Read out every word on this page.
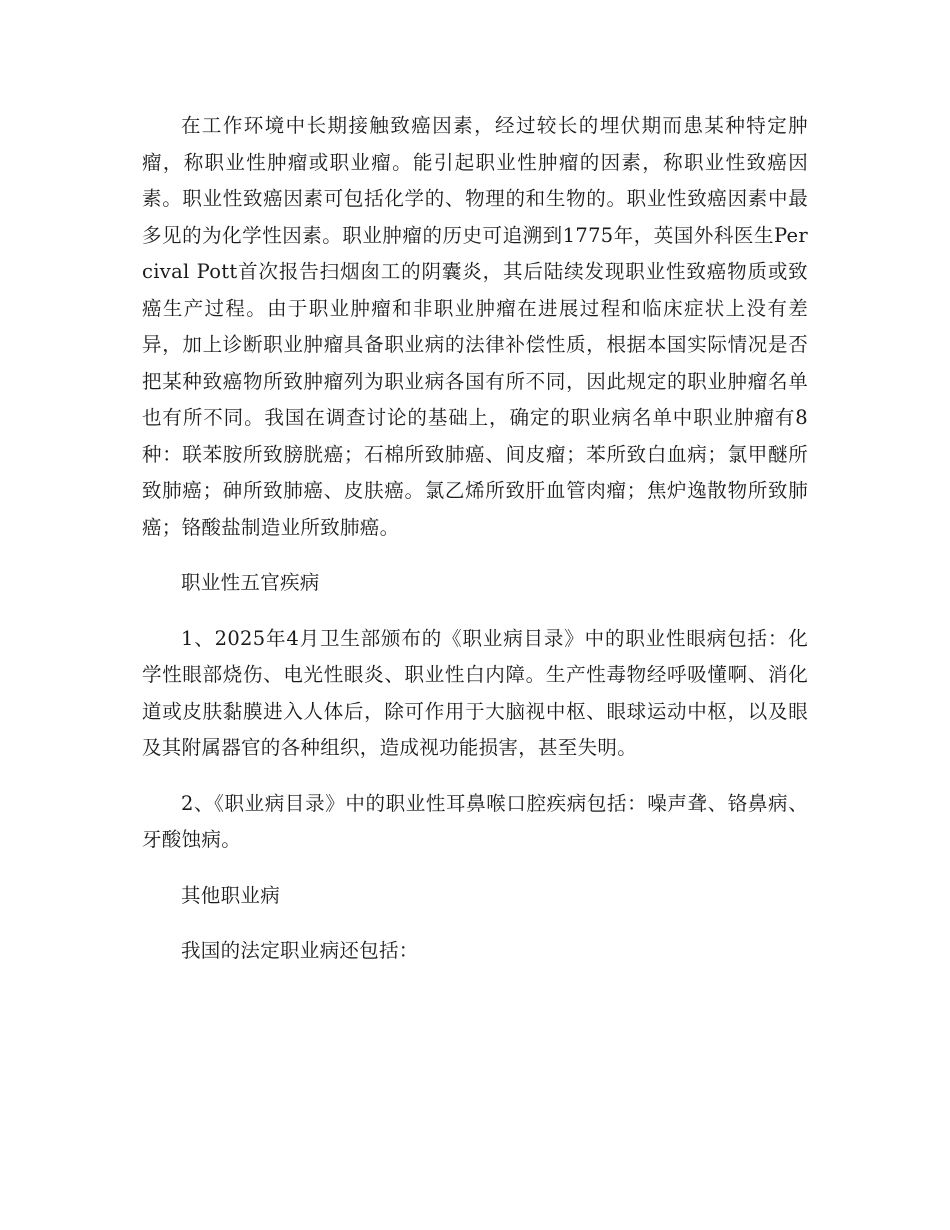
在工作环境中长期接触致癌因素，经过较长的埋伏期而患某种特定肿瘤，称职业性肿瘤或职业瘤。能引起职业性肿瘤的因素，称职业性致癌因素。职业性致癌因素可包括化学的、物理的和生物的。职业性致癌因素中最多见的为化学性因素。职业肿瘤的历史可追溯到1775年，英国外科医生Percival Pott首次报告扫烟囱工的阴囊炎，其后陆续发现职业性致癌物质或致癌生产过程。由于职业肿瘤和非职业肿瘤在进展过程和临床症状上没有差异，加上诊断职业肿瘤具备职业病的法律补偿性质，根据本国实际情况是否把某种致癌物所致肿瘤列为职业病各国有所不同，因此规定的职业肿瘤名单也有所不同。我国在调查讨论的基础上，确定的职业病名单中职业肿瘤有8种：联苯胺所致膀胱癌；石棉所致肺癌、间皮瘤；苯所致白血病；氯甲醚所致肺癌；砷所致肺癌、皮肤癌。氯乙烯所致肝血管肉瘤；焦炉逸散物所致肺癌；铬酸盐制造业所致肺癌。

职业性五官疾病

1、2025年4月卫生部颁布的《职业病目录》中的职业性眼病包括：化学性眼部烧伤、电光性眼炎、职业性白内障。生产性毒物经呼吸懂啊、消化道或皮肤黏膜进入人体后，除可作用于大脑视中枢、眼球运动中枢，以及眼及其附属器官的各种组织，造成视功能损害，甚至失明。

2、《职业病目录》中的职业性耳鼻喉口腔疾病包括：噪声聋、铬鼻病、牙酸蚀病。

其他职业病

我国的法定职业病还包括：
